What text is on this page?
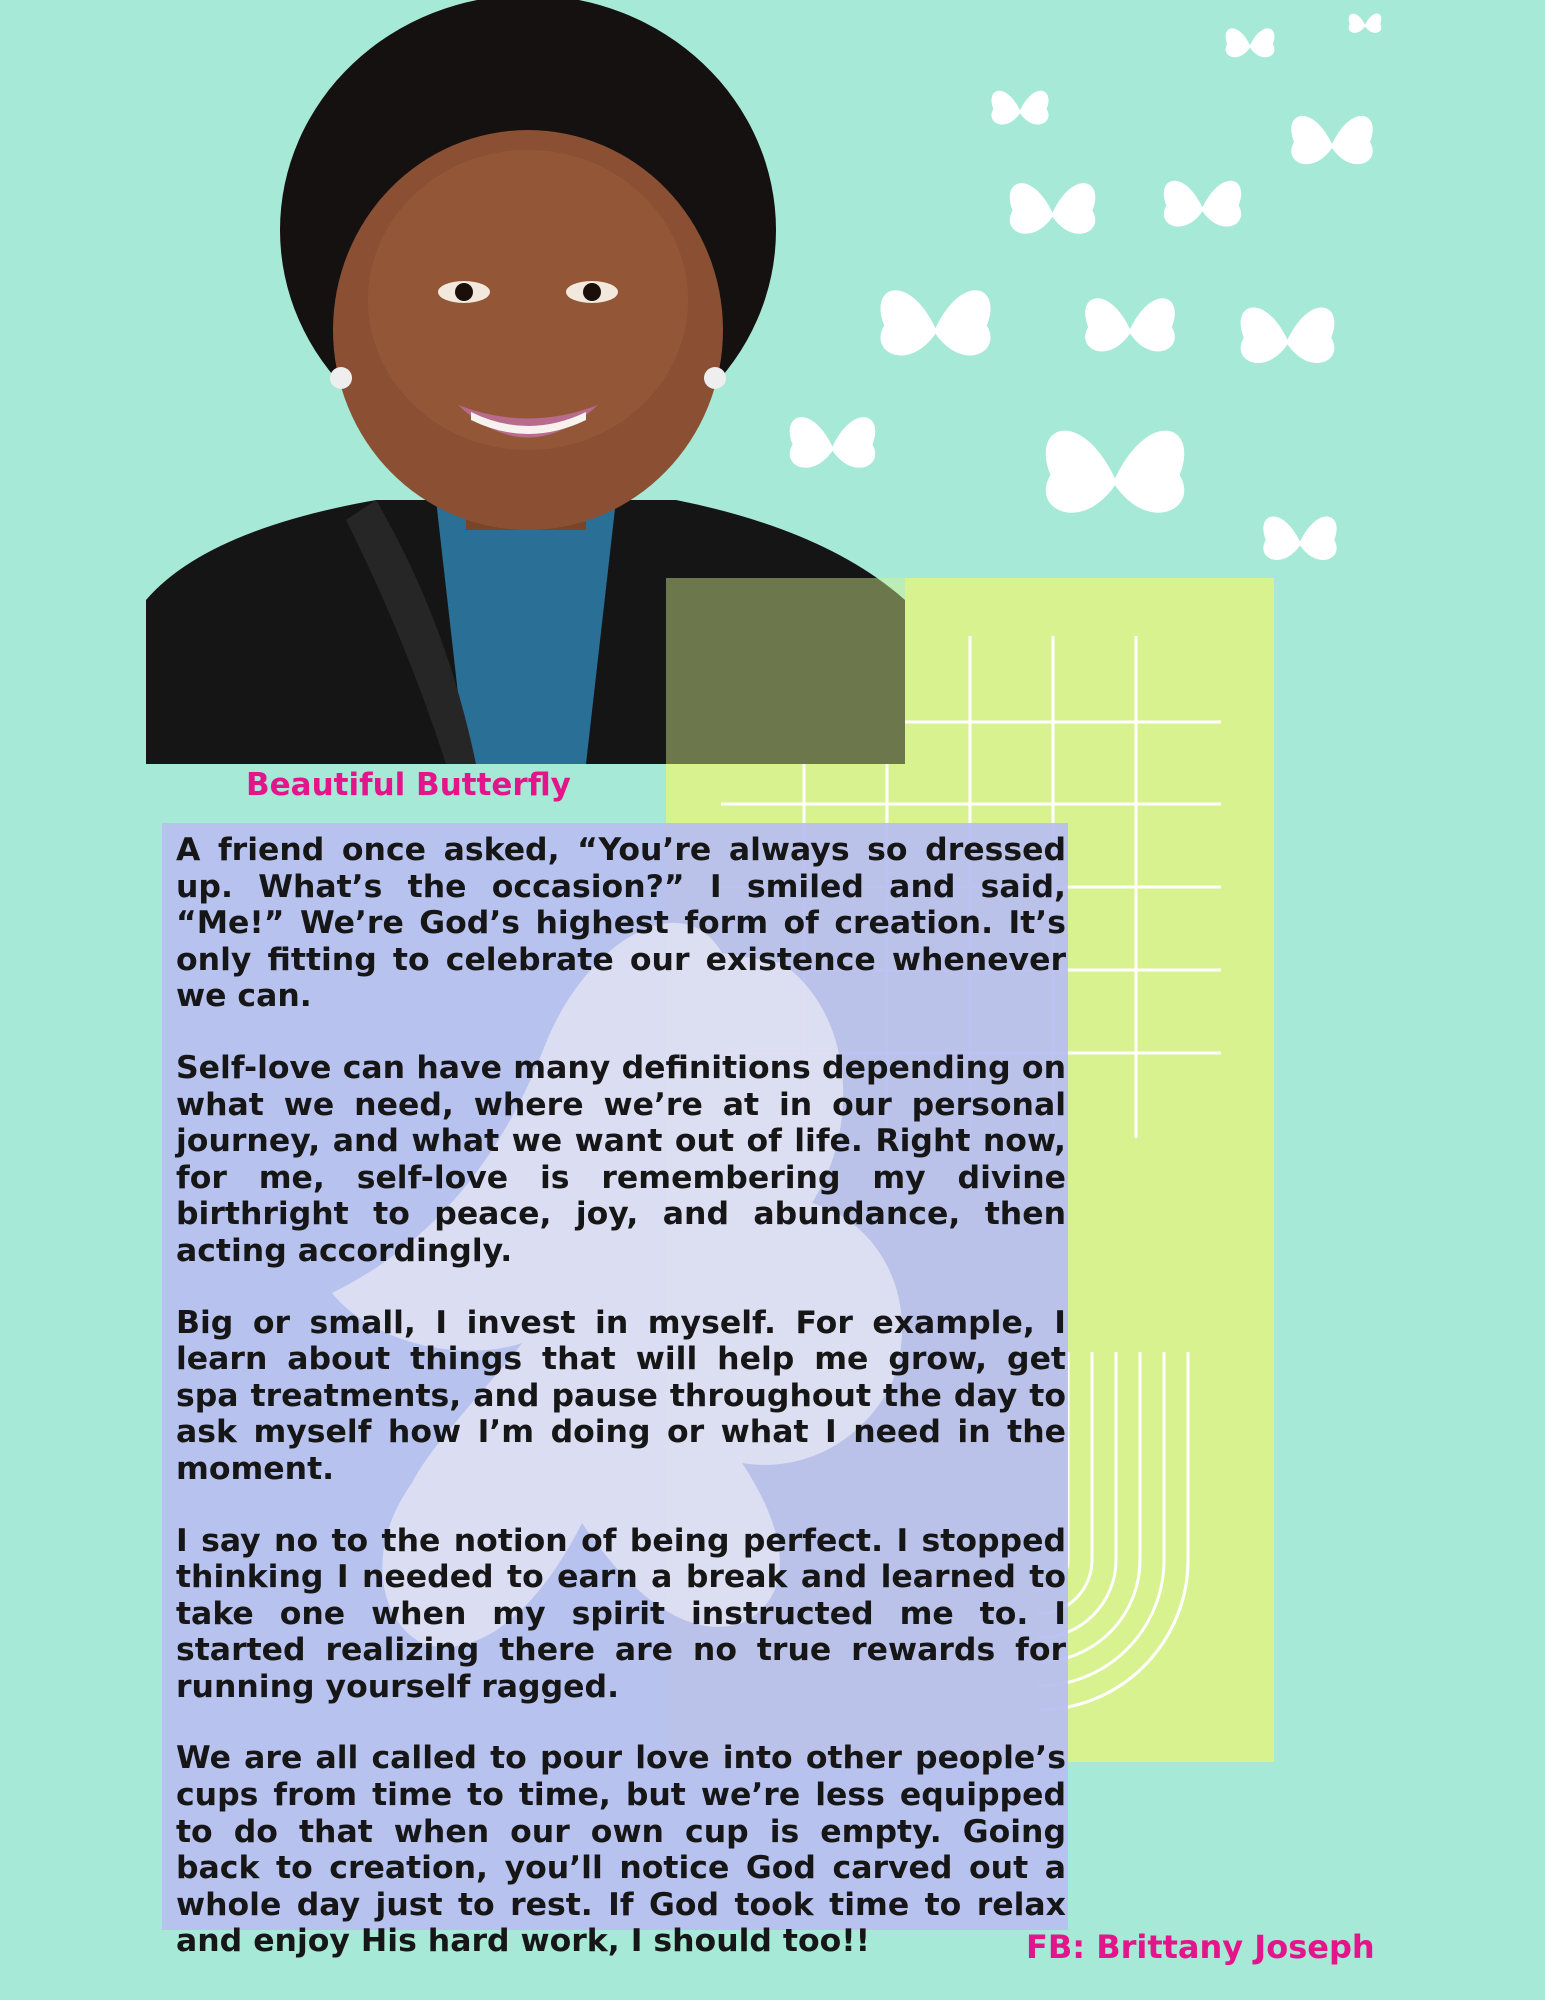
Beautiful Butterfly

A friend once asked, “You’re always so dressed up. What’s the occasion?” I smiled and said, “Me!” We’re God’s highest form of creation. It’s only fitting to celebrate our existence whenever we can.

Self-love can have many definitions depending on what we need, where we’re at in our personal journey, and what we want out of life. Right now, for me, self-love is remembering my divine birthright to peace, joy, and abundance, then acting accordingly.

Big or small, I invest in myself. For example, I learn about things that will help me grow, get spa treatments, and pause throughout the day to ask myself how I’m doing or what I need in the moment.

I say no to the notion of being perfect. I stopped thinking I needed to earn a break and learned to take one when my spirit instructed me to. I started realizing there are no true rewards for running yourself ragged.

We are all called to pour love into other people’s cups from time to time, but we’re less equipped to do that when our own cup is empty. Going back to creation, you’ll notice God carved out a whole day just to rest. If God took time to relax and enjoy His hard work, I should too!!	FB: Brittany Joseph
